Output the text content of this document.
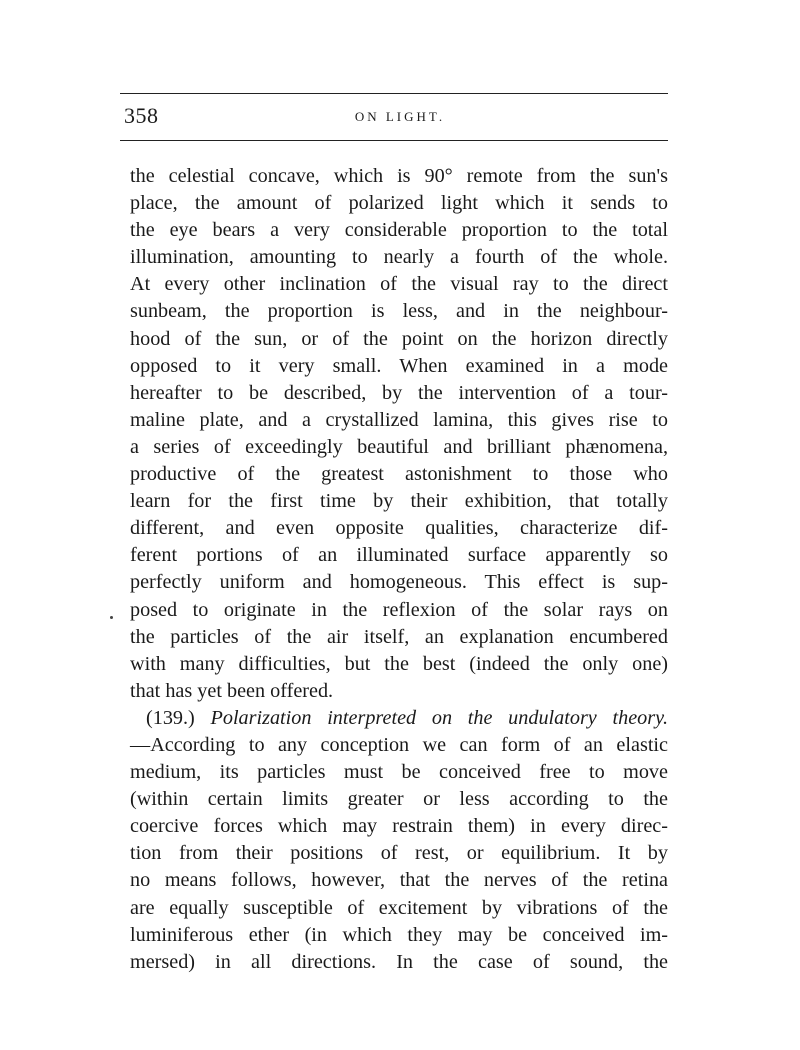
358	ON LIGHT.
the celestial concave, which is 90° remote from the sun's
place, the amount of polarized light which it sends to
the eye bears a very considerable proportion to the total
illumination, amounting to nearly a fourth of the whole.
At every other inclination of the visual ray to the direct
sunbeam, the proportion is less, and in the neighbour-
hood of the sun, or of the point on the horizon directly
opposed to it very small. When examined in a mode
hereafter to be described, by the intervention of a tour-
maline plate, and a crystallized lamina, this gives rise to
a series of exceedingly beautiful and brilliant phænomena,
productive of the greatest astonishment to those who
learn for the first time by their exhibition, that totally
different, and even opposite qualities, characterize dif-
ferent portions of an illuminated surface apparently so
perfectly uniform and homogeneous. This effect is sup-
posed to originate in the reflexion of the solar rays on
the particles of the air itself, an explanation encumbered
with many difficulties, but the best (indeed the only one)
that has yet been offered.
(139.) Polarization interpreted on the undulatory theory.
—According to any conception we can form of an elastic
medium, its particles must be conceived free to move
(within certain limits greater or less according to the
coercive forces which may restrain them) in every direc-
tion from their positions of rest, or equilibrium. It by
no means follows, however, that the nerves of the retina
are equally susceptible of excitement by vibrations of the
luminiferous ether (in which they may be conceived im-
mersed) in all directions. In the case of sound, the
